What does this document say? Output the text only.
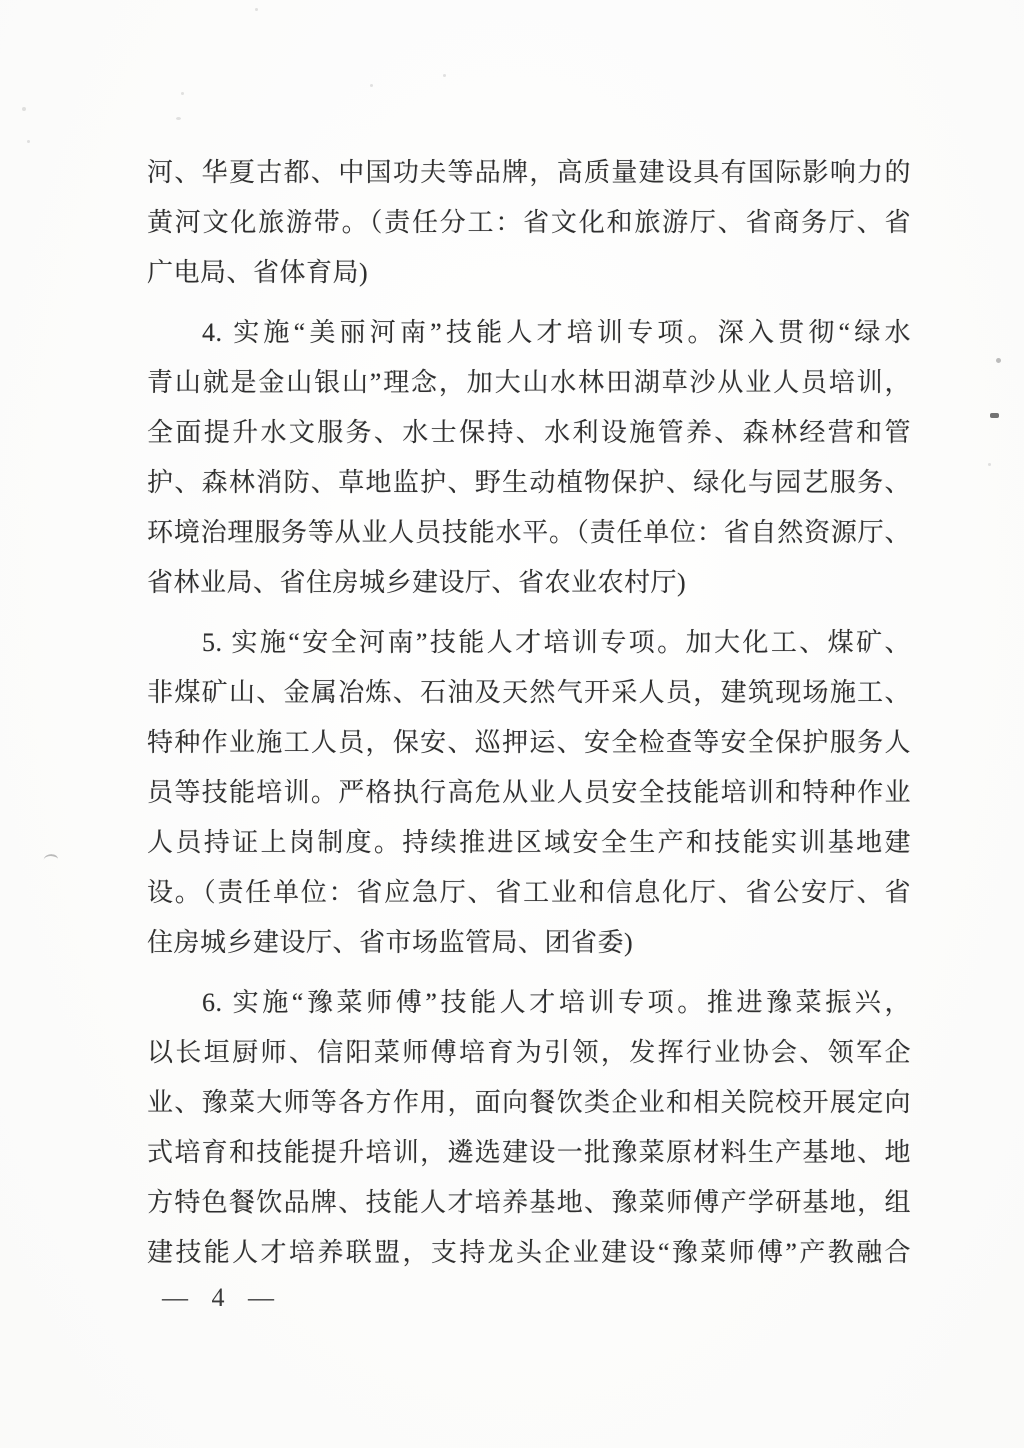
河、华夏古都、中国功夫等品牌，高质量建设具有国际影响力的
黄河文化旅游带。（责任分工：省文化和旅游厅、省商务厅、省
广电局、省体育局)
4. 实施“美丽河南”技能人才培训专项。深入贯彻“绿水
青山就是金山银山”理念，加大山水林田湖草沙从业人员培训，
全面提升水文服务、水士保持、水利设施管养、森林经营和管
护、森林消防、草地监护、野生动植物保护、绿化与园艺服务、
环境治理服务等从业人员技能水平。（责任单位：省自然资源厅、
省林业局、省住房城乡建设厅、省农业农村厅)
5. 实施“安全河南”技能人才培训专项。加大化工、煤矿、
非煤矿山、金属冶炼、石油及天然气开采人员，建筑现场施工、
特种作业施工人员，保安、巡押运、安全检查等安全保护服务人
员等技能培训。严格执行高危从业人员安全技能培训和特种作业
人员持证上岗制度。持续推进区域安全生产和技能实训基地建
设。（责任单位：省应急厅、省工业和信息化厅、省公安厅、省
住房城乡建设厅、省市场监管局、团省委)
6. 实施“豫菜师傅”技能人才培训专项。推进豫菜振兴，
以长垣厨师、信阳菜师傅培育为引领，发挥行业协会、领军企
业、豫菜大师等各方作用，面向餐饮类企业和相关院校开展定向
式培育和技能提升培训，遴选建设一批豫菜原材料生产基地、地
方特色餐饮品牌、技能人才培养基地、豫菜师傅产学研基地，组
建技能人才培养联盟，支持龙头企业建设“豫菜师傅”产教融合
— 4 —
